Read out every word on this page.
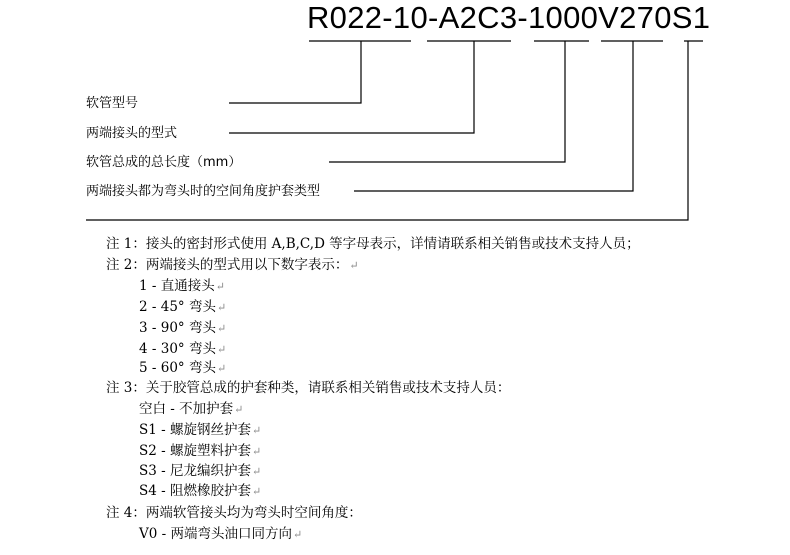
R022-10-A2C3-1000V270S1
软管型号
两端接头的型式
软管总成的总长度（mm）
两端接头都为弯头时的空间角度护套类型
注 1：接头的密封形式使用 A,B,C,D 等字母表示，详情请联系相关销售或技术支持人员；
注 2：两端接头的型式用以下数字表示：↵
1 - 直通接头↵
2 - 45° 弯头↵
3 - 90° 弯头↵
4 - 30° 弯头↵
5 - 60° 弯头↵
注 3：关于胶管总成的护套种类，请联系相关销售或技术支持人员：
空白 - 不加护套↵
S1 - 螺旋钢丝护套↵
S2 - 螺旋塑料护套↵
S3 - 尼龙编织护套↵
S4 - 阻燃橡胶护套↵
注 4：两端软管接头均为弯头时空间角度：
V0 - 两端弯头油口同方向↵
